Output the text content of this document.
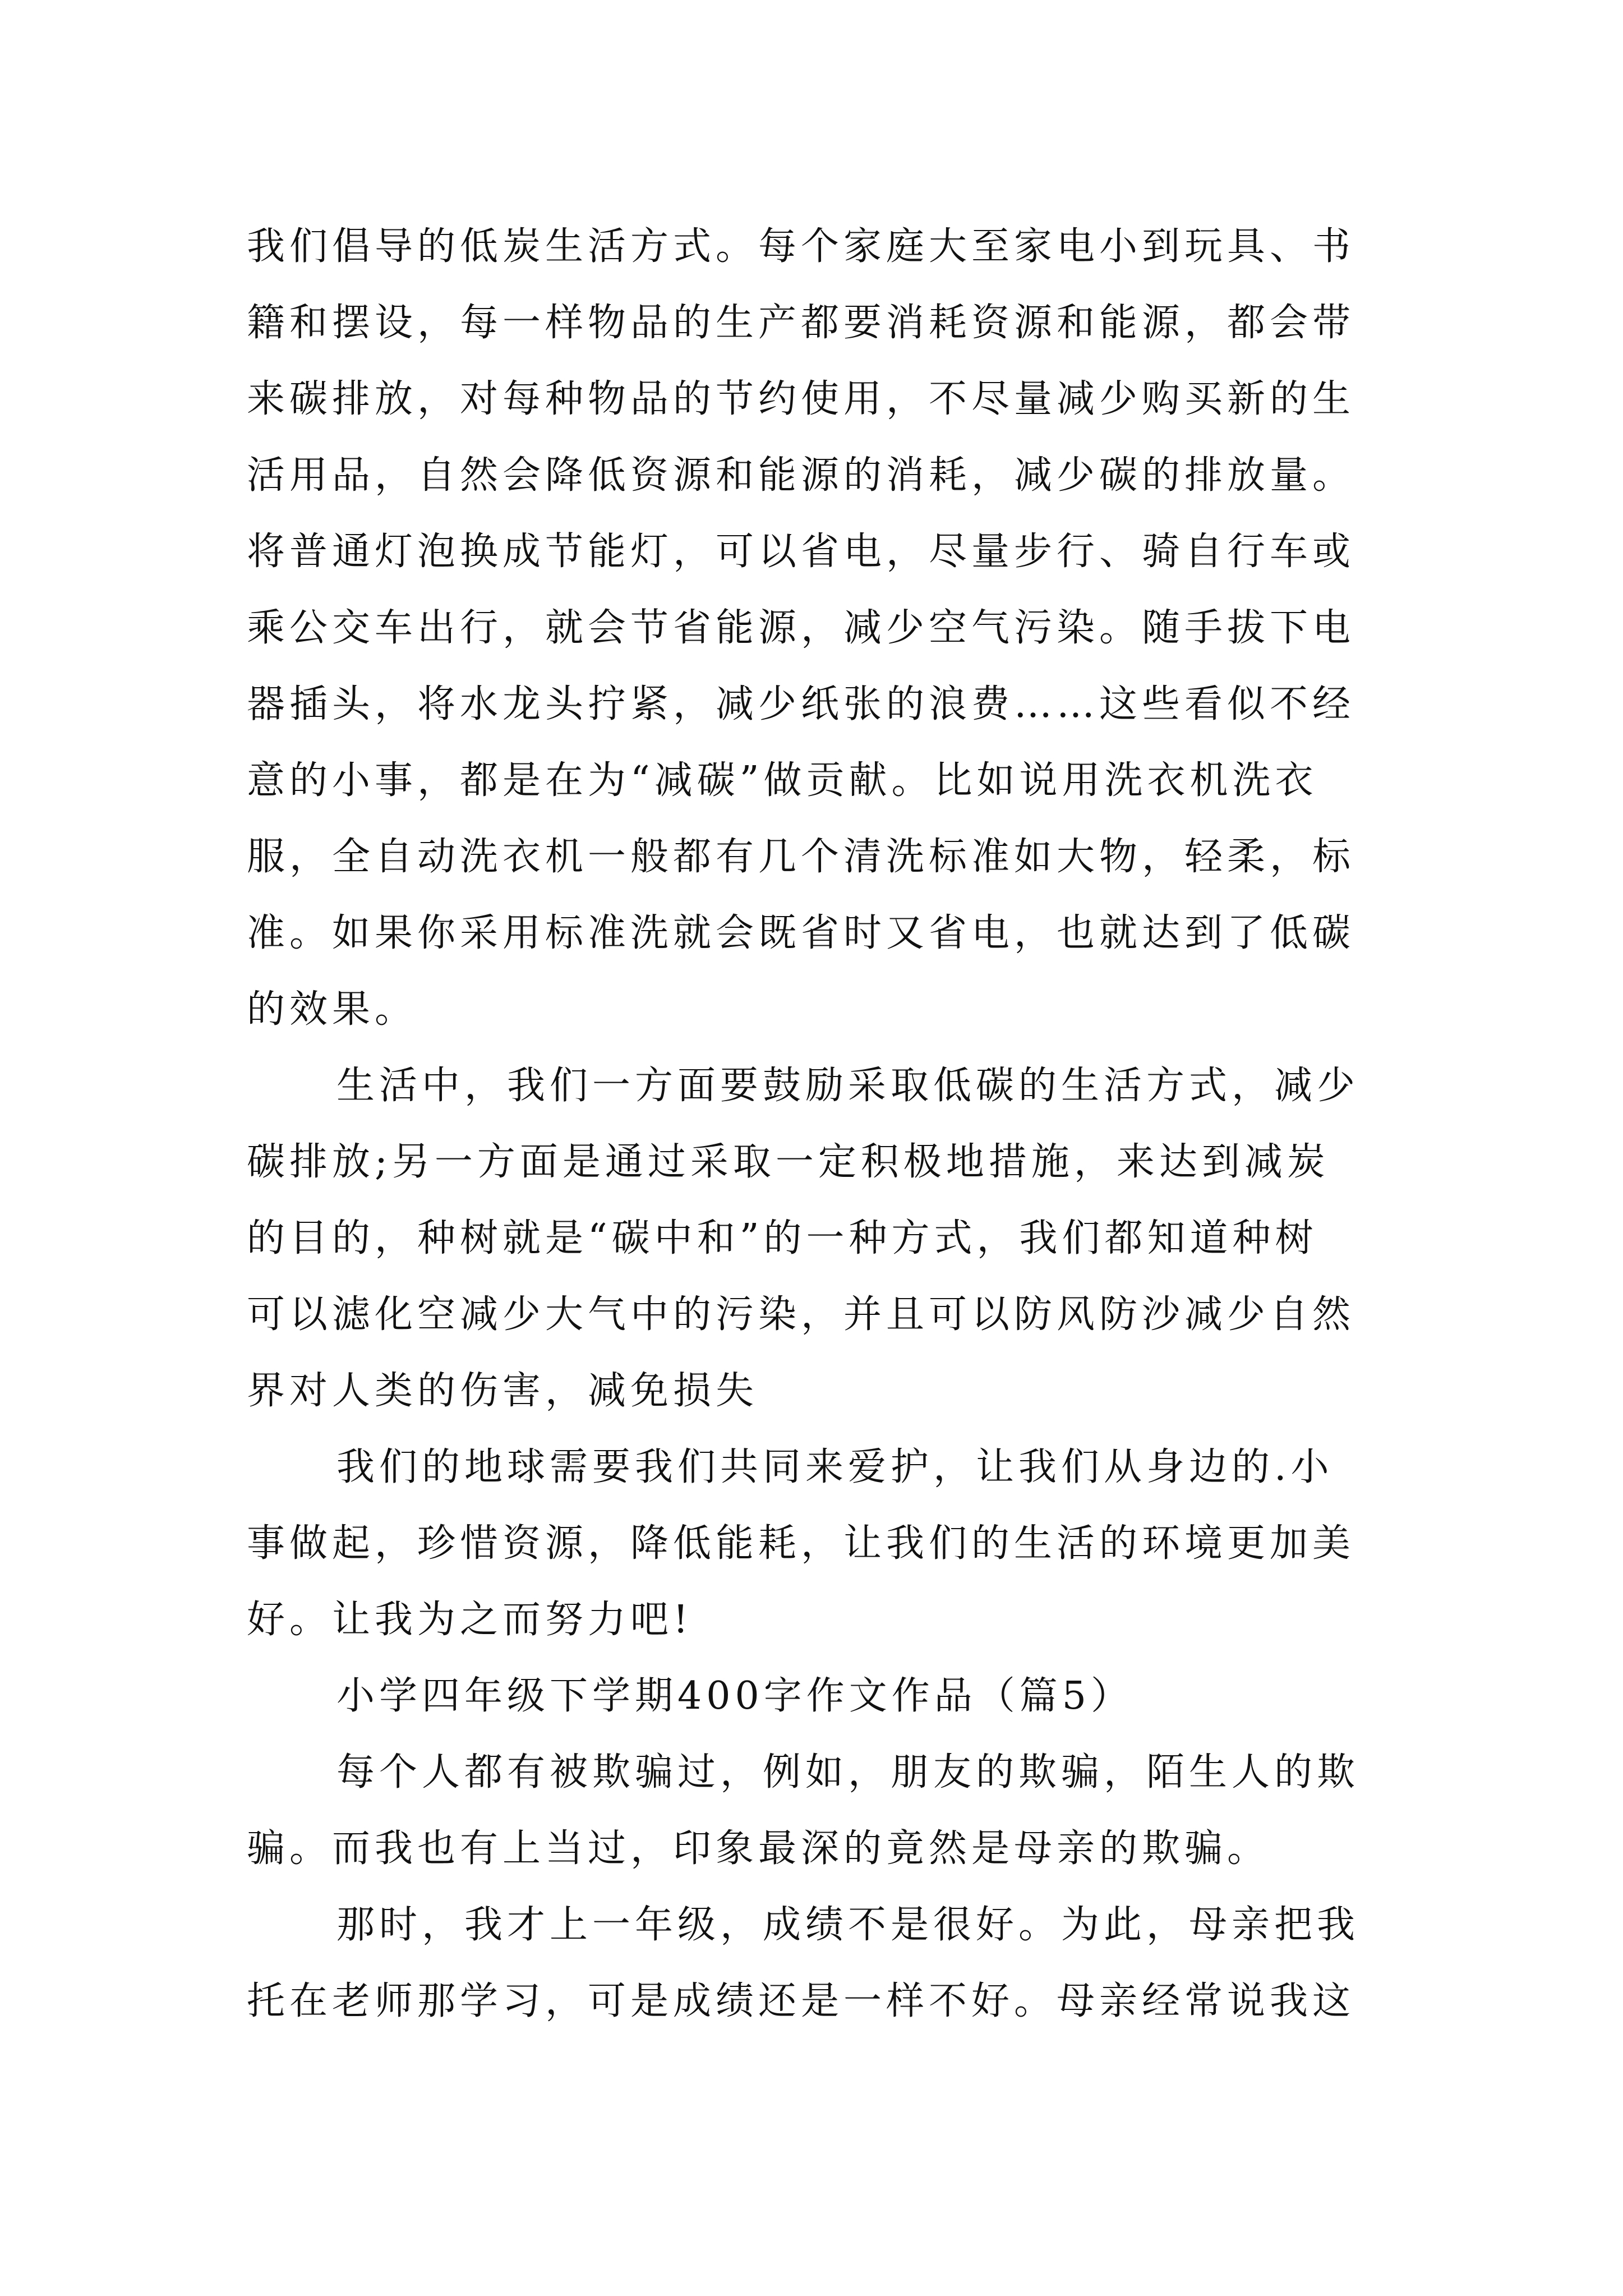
我们倡导的低炭生活方式。每个家庭大至家电小到玩具、书
籍和摆设，每一样物品的生产都要消耗资源和能源，都会带
来碳排放，对每种物品的节约使用，不尽量减少购买新的生
活用品，自然会降低资源和能源的消耗，减少碳的排放量。
将普通灯泡换成节能灯，可以省电，尽量步行、骑自行车或
乘公交车出行，就会节省能源，减少空气污染。随手拔下电
器插头，将水龙头拧紧，减少纸张的浪费……这些看似不经
意的小事，都是在为“减碳”做贡献。比如说用洗衣机洗衣
服，全自动洗衣机一般都有几个清洗标准如大物，轻柔，标
准。如果你采用标准洗就会既省时又省电，也就达到了低碳
的效果。
生活中，我们一方面要鼓励采取低碳的生活方式，减少
碳排放;另一方面是通过采取一定积极地措施，来达到减炭
的目的，种树就是“碳中和”的一种方式，我们都知道种树
可以滤化空减少大气中的污染，并且可以防风防沙减少自然
界对人类的伤害，减免损失
我们的地球需要我们共同来爱护，让我们从身边的.小
事做起，珍惜资源，降低能耗，让我们的生活的环境更加美
好。让我为之而努力吧!
小学四年级下学期400字作文作品（篇5）
每个人都有被欺骗过，例如，朋友的欺骗，陌生人的欺
骗。而我也有上当过，印象最深的竟然是母亲的欺骗。
那时，我才上一年级，成绩不是很好。为此，母亲把我
托在老师那学习，可是成绩还是一样不好。母亲经常说我这
